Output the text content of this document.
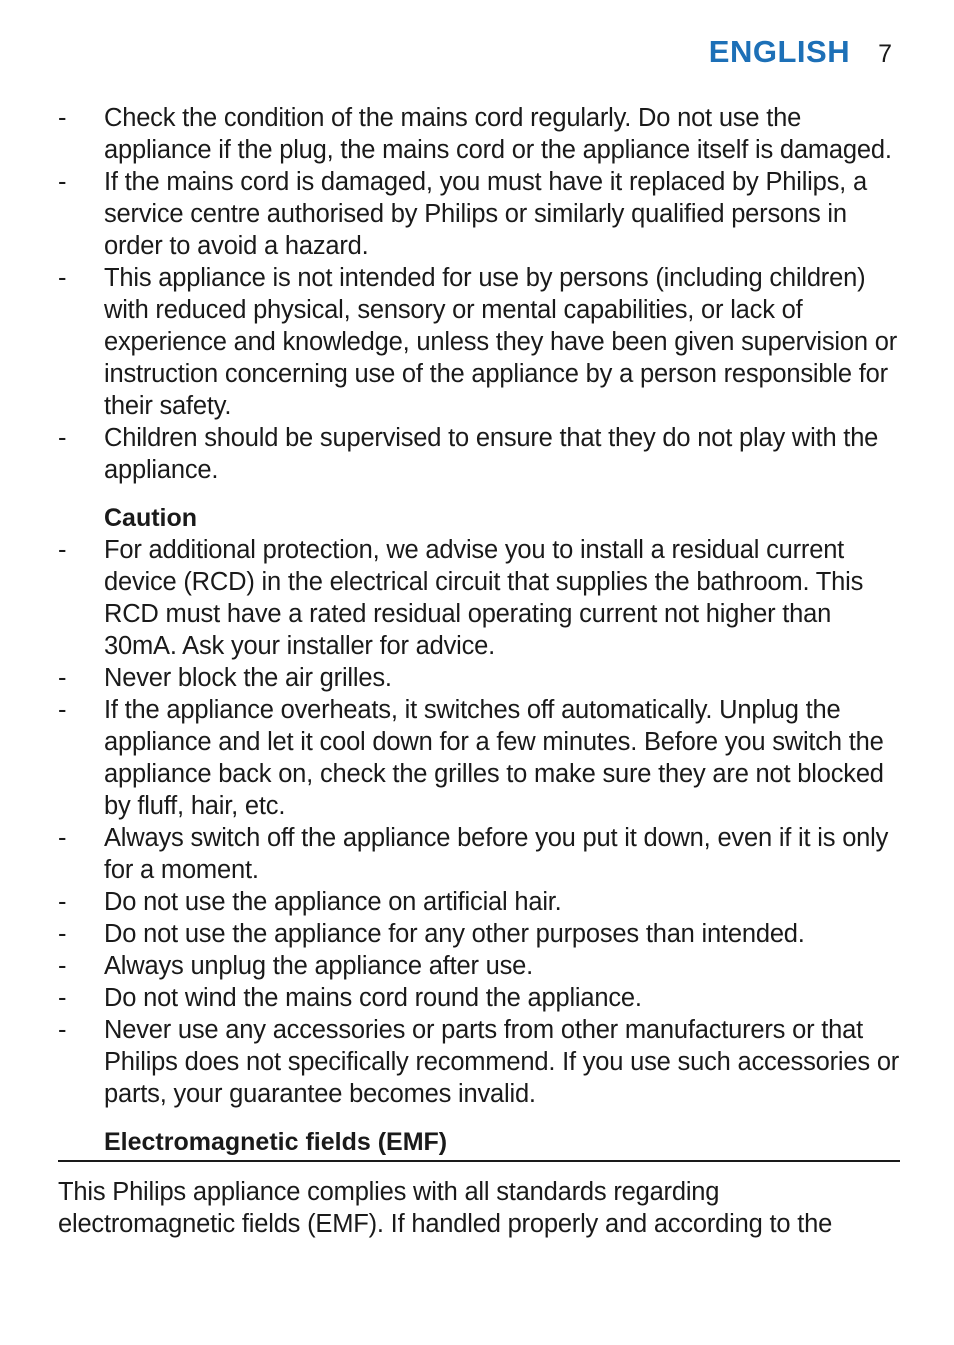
ENGLISH 7
- Check the condition of the mains cord regularly. Do not use the appliance if the plug, the mains cord or the appliance itself is damaged.
- If the mains cord is damaged, you must have it replaced by Philips, a service centre authorised by Philips or similarly qualified persons in order to avoid a hazard.
- This appliance is not intended for use by persons (including children) with reduced physical, sensory or mental capabilities, or lack of experience and knowledge, unless they have been given supervision or instruction concerning use of the appliance by a person responsible for their safety.
- Children should be supervised to ensure that they do not play with the appliance.
Caution
- For additional protection, we advise you to install a residual current device (RCD) in the electrical circuit that supplies the bathroom. This RCD must have a rated residual operating current not higher than 30mA. Ask your installer for advice.
- Never block the air grilles.
- If the appliance overheats, it switches off automatically. Unplug the appliance and let it cool down for a few minutes. Before you switch the appliance back on, check the grilles to make sure they are not blocked by fluff, hair, etc.
- Always switch off the appliance before you put it down, even if it is only for a moment.
- Do not use the appliance on artificial hair.
- Do not use the appliance for any other purposes than intended.
- Always unplug the appliance after use.
- Do not wind the mains cord round the appliance.
- Never use any accessories or parts from other manufacturers or that Philips does not specifically recommend. If you use such accessories or parts, your guarantee becomes invalid.
Electromagnetic fields (EMF)
This Philips appliance complies with all standards regarding electromagnetic fields (EMF). If handled properly and according to the
